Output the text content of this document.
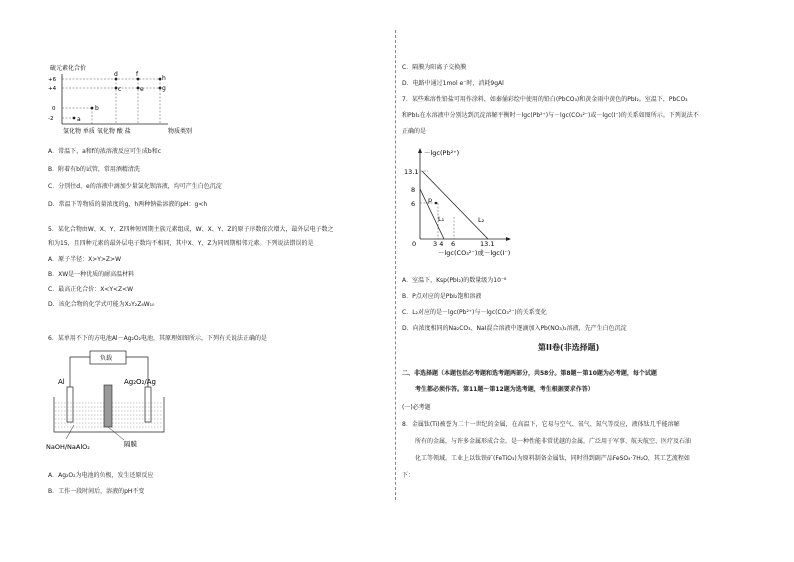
硫元素化合价
+6
+4
0
-2
d	f
h
c	e	g
b
a
氢化物 单质 氧化物 酸 盐	物质类别
A．常温下，a和f的浓溶液反应可生成b和c
B．附着有b的试管，常用酒精清洗
C．分别往d、e的溶液中滴加少量氯化钡溶液，均可产生白色沉淀
D．常温下等物质的量浓度的g、h两种钠盐溶液的pH：g<h
5．某化合物由W、X、Y、Z四种短周期主族元素组成，W、X、Y、Z的原子序数依次增大，最外层电子数之
和为15，且四种元素的最外层电子数均不相同，其中X、Y、Z为同周期相邻元素。下列说法错误的是
A．原子半径：X>Y>Z>W
B．XW是一种优质的耐高温材料
C．最高正化合价：X<Y<Z<W
D．该化合物的化学式可能为X₂Y₂Z₆W₁₀
6．某单用不下的方电池Al－Ag₂O₂电池，其原理如图所示，下列有关说法正确的是
负载
Al	Ag₂O₂/Ag
隔膜
NaOH/NaAlO₂
A．Ag₂O₂为电池的负极，发生还原反应
B．工作一段时间后，溶液的pH不变
C．隔膜为阳离子交换膜
D．电路中通过1mol e⁻时，消耗9gAl
7．某些难溶性铅盐可用作涂料，如秦俑彩绘中使用的铅白(PbCO₃)和黄金雨中黄色的PbI₂。室温下，PbCO₃
和PbI₂在水溶液中分别达到沉淀溶解平衡时－lgc(Pb²⁺)与－lgc(CO₃²⁻)或－lgc(I⁻)的关系如图所示。下列说法不
正确的是
－lgc(Pb²⁺)
13.1
8
6
0	3 4 6	13.1
p
L₁	L₂
－lgc(CO₃²⁻)或－lgc(I⁻)
A．室温下，Ksp(PbI₂)的数量级为10⁻⁸
B．P点对应的是PbI₂饱和溶液
C．L₂对应的是－lgc(Pb²⁺)与－lgc(CO₃²⁻)的关系变化
D．向浓度相同的Na₂CO₃、NaI混合溶液中逐滴加入Pb(NO₃)₂溶液，先产生白色沉淀
第II卷(非选择题)
二、非选择题（本题包括必考题和选考题两部分，共58分。第8题～第10题为必考题，每个试题
考生都必须作答。第11题～第12题为选考题，考生根据要求作答）
(一)必考题
8．金属钛(Ti)被誉为二十一世纪的金属，在高温下，它易与空气、氧气、氮气等反应，液体钛几乎能溶解
所有的金属，与许多金属形成合金。是一种性能非常优越的金属，广泛用于军事、航天航空、医疗及石油
化工等领域。工业上以钛铁矿(FeTiO₃)为原料制备金属钛，同时得到副产品FeSO₄·7H₂O，其工艺流程如
下：
